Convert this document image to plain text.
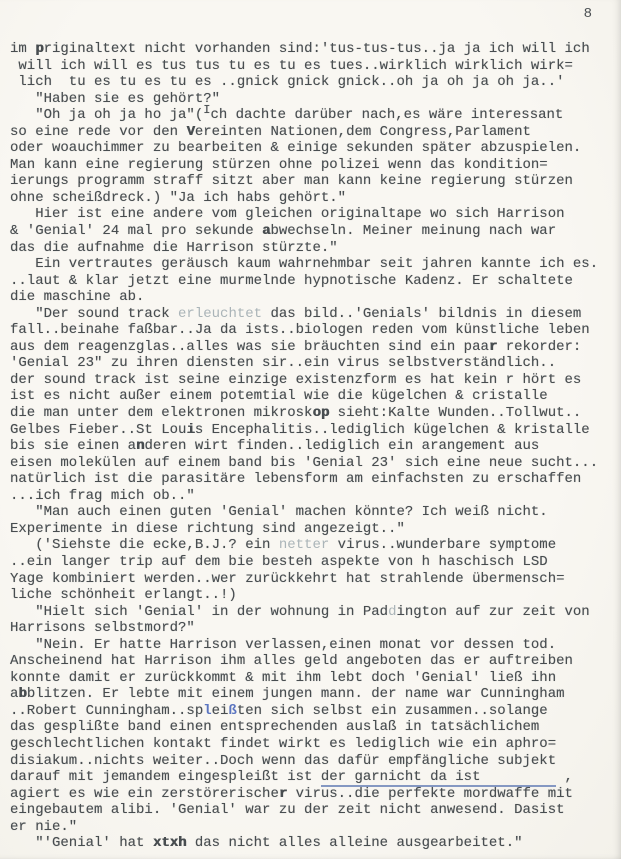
8
im priginaltext nicht vorhanden sind:'tus-tus-tus..ja ja ich will ich
will ich will es tus tus tu es tu es tues..wirklich wirklich wirk=
lich  tu es tu es tu es ..gnick gnick gnick..oh ja oh ja oh ja..'
"Haben sie es gehört?"
"Oh ja oh ja ho ja"(Ich dachte darüber nach,es wäre interessant
so eine rede vor den Vereinten Nationen,dem Congress,Parlament
oder woauchimmer zu bearbeiten & einige sekunden später abzuspielen.
Man kann eine regierung stürzen ohne polizei wenn das kondition=
ierungs programm straff sitzt aber man kann keine regierung stürzen
ohne scheißdreck.) "Ja ich habs gehört."
Hier ist eine andere vom gleichen originaltape wo sich Harrison
& 'Genial' 24 mal pro sekunde abwechseln. Meiner meinung nach war
das die aufnahme die Harrison stürzte."
Ein vertrautes geräusch kaum wahrnehmbar seit jahren kannte ich es.
..laut & klar jetzt eine murmelnde hypnotische Kadenz. Er schaltete
die maschine ab.
"Der sound track erleuchtet das bild..'Genials' bildnis in diesem
fall..beinahe faßbar..Ja da ists..biologen reden vom künstliche leben
aus dem reagenzglas..alles was sie bräuchten sind ein paar rekorder:
'Genial 23" zu ihren diensten sir..ein virus selbstverständlich..
der sound track ist seine einzige existenzform es hat kein r hört es
ist es nicht außer einem potemtial wie die kügelchen & cristalle
die man unter dem elektronen mikroskop sieht:Kalte Wunden..Tollwut..
Gelbes Fieber..St Louis Encephalitis..lediglich kügelchen & kristalle
bis sie einen anderen wirt finden..lediglich ein arangement aus
eisen molekülen auf einem band bis 'Genial 23' sich eine neue sucht...
natürlich ist die parasitäre lebensform am einfachsten zu erschaffen
...ich frag mich ob.."
"Man auch einen guten 'Genial' machen könnte? Ich weiß nicht.
Experimente in diese richtung sind angezeigt.."
('Siehste die ecke,B.J.? ein netter virus..wunderbare symptome
..ein langer trip auf dem bie besteh aspekte von h haschisch LSD
Yage kombiniert werden..wer zurückkehrt hat strahlende übermensch=
liche schönheit erlangt..!)
"Hielt sich 'Genial' in der wohnung in Paddington auf zur zeit von
Harrisons selbstmord?"
"Nein. Er hatte Harrison verlassen,einen monat vor dessen tod.
Anscheinend hat Harrison ihm alles geld angeboten das er auftreiben
konnte damit er zurückkommt & mit ihm lebt doch 'Genial' ließ ihn
abblitzen. Er lebte mit einem jungen mann. der name war Cunningham
..Robert Cunningham..spleißten sich selbst ein zusammen..solange
das gesplißte band einen entsprechenden auslaß in tatsächlichem
geschlechtlichen kontakt findet wirkt es lediglich wie ein aphro=
disiakum..nichts weiter..Doch wenn das dafür empfängliche subjekt
darauf mit jemandem eingespleißt ist der garnicht da ist          ,
agiert es wie ein zerstörerischer virus..die perfekte mordwaffe mit
eingebautem alibi. 'Genial' war zu der zeit nicht anwesend. Dasist
er nie."
"'Genial' hat xtxh das nicht alles alleine ausgearbeitet."
